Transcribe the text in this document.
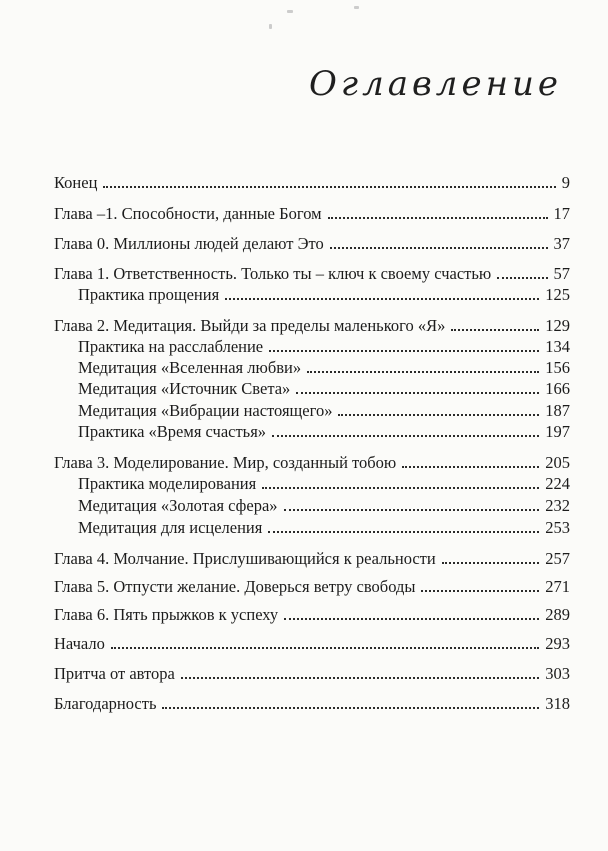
Оглавление
Конец	9
Глава –1. Способности, данные Богом	17
Глава 0. Миллионы людей делают Это	37
Глава 1. Ответственность. Только ты – ключ к своему счастью	57
Практика прощения	125
Глава 2. Медитация. Выйди за пределы маленького «Я»	129
Практика на расслабление	134
Медитация «Вселенная любви»	156
Медитация «Источник Света»	166
Медитация «Вибрации настоящего»	187
Практика «Время счастья»	197
Глава 3. Моделирование. Мир, созданный тобою	205
Практика моделирования	224
Медитация «Золотая сфера»	232
Медитация для исцеления	253
Глава 4. Молчание. Прислушивающийся к реальности	257
Глава 5. Отпусти желание. Доверься ветру свободы	271
Глава 6. Пять прыжков к успеху	289
Начало	293
Притча от автора	303
Благодарность	318
